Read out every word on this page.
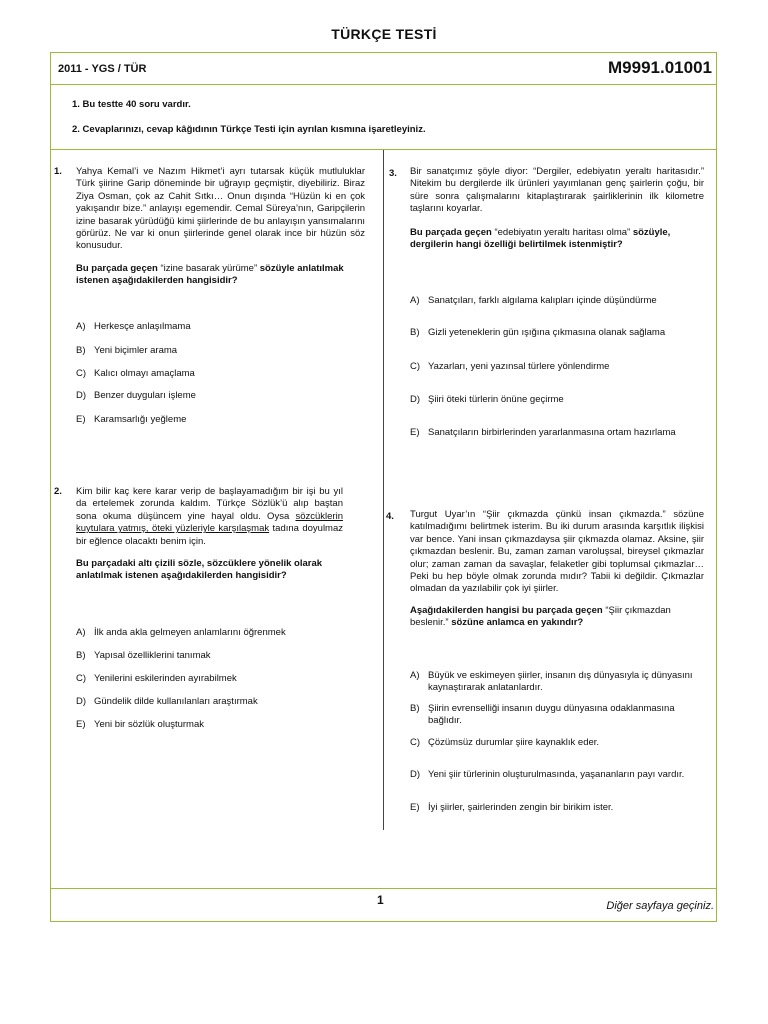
TÜRKÇE TESTİ
2011 - YGS / TÜR	M9991.01001
1. Bu testte 40 soru vardır.
2. Cevaplarınızı, cevap kâğıdının Türkçe Testi için ayrılan kısmına işaretleyiniz.
1. Yahya Kemal’i ve Nazım Hikmet’i ayrı tutarsak küçük mutluluklar Türk şiirine Garip döneminde bir uğrayıp geçmiştir, diyebiliriz. Biraz Ziya Osman, çok az Cahit Sıtkı… Onun dışında “Hüzün ki en çok yakışandır bize.” anlayışı egemendir. Cemal Süreya’nın, Garipçilerin izine basarak yürüdüğü kimi şiirlerinde de bu anlayışın yansımalarını görürüz. Ne var ki onun şiirlerinde genel olarak ince bir hüzün söz konusudur.

Bu parçada geçen “izine basarak yürüme” sözüyle anlatılmak istenen aşağıdakilerden hangisidir?

A) Herkesçe anlaşılmama
B) Yeni biçimler arama
C) Kalıcı olmayı amaçlama
D) Benzer duyguları işleme
E) Karamsarlığı yeğleme
2. Kim bilir kaç kere karar verip de başlayamadığım bir işi bu yıl da ertelemek zorunda kaldım. Türkçe Sözlük’ü alıp baştan sona okuma düşüncem yine hayal oldu. Oysa sözcüklerin kuytulara yatmış, öteki yüzleriyle karşılaşmak tadına doyulmaz bir eğlence olacaktı benim için.

Bu parçadaki altı çizili sözle, sözcüklere yönelik olarak anlatılmak istenen aşağıdakilerden hangisidir?

A) İlk anda akla gelmeyen anlamlarını öğrenmek
B) Yapısal özelliklerini tanımak
C) Yenilerini eskilerinden ayırabilmek
D) Gündelik dilde kullanılanları araştırmak
E) Yeni bir sözlük oluşturmak
3. Bir sanatçımız şöyle diyor: “Dergiler, edebiyatın yeraltı haritasıdır.” Nitekim bu dergilerde ilk ürünleri yayımlanan genç şairlerin çoğu, bir süre sonra çalışmalarını kitaplaştırarak şairliklerinin ilk kilometre taşlarını koyarlar.

Bu parçada geçen “edebiyatın yeraltı haritası olma” sözüyle, dergilerin hangi özelliği belirtilmek istenmiştir?

A) Sanatçıları, farklı algılama kalıpları içinde düşündürme
B) Gizli yeteneklerin gün ışığına çıkmasına olanak sağlama
C) Yazarları, yeni yazınsal türlere yönlendirme
D) Şiiri öteki türlerin önüne geçirme
E) Sanatçıların birbirlerinden yararlanmasına ortam hazırlama
4. Turgut Uyar’ın “Şiir çıkmazda çünkü insan çıkmazda.” sözüne katılmadığımı belirtmek isterim. Bu iki durum arasında karşıtlık ilişkisi var bence. Yani insan çıkmazdaysa şiir çıkmazda olamaz. Aksine, şiir çıkmazdan beslenir. Bu, zaman zaman varoluşsal, bireysel çıkmazlar olur; zaman zaman da savaşlar, felaketler gibi toplumsal çıkmazlar… Peki bu hep böyle olmak zorunda mıdır? Tabii ki değildir. Çıkmazlar olmadan da yazılabilir çok iyi şiirler.

Aşağıdakilerden hangisi bu parçada geçen “Şiir çıkmazdan beslenir.” sözüne anlamca en yakındır?

A) Büyük ve eskimeyen şiirler, insanın dış dünyasıyla iç dünyasını kaynaştırarak anlatanlardır.
B) Şiirin evrenselliği insanın duygu dünyasına odaklanmasına bağlıdır.
C) Çözümsüz durumlar şiire kaynaklık eder.
D) Yeni şiir türlerinin oluşturulmasında, yaşananların payı vardır.
E) İyi şiirler, şairlerinden zengin bir birikim ister.
1	Diğer sayfaya geçiniz.
